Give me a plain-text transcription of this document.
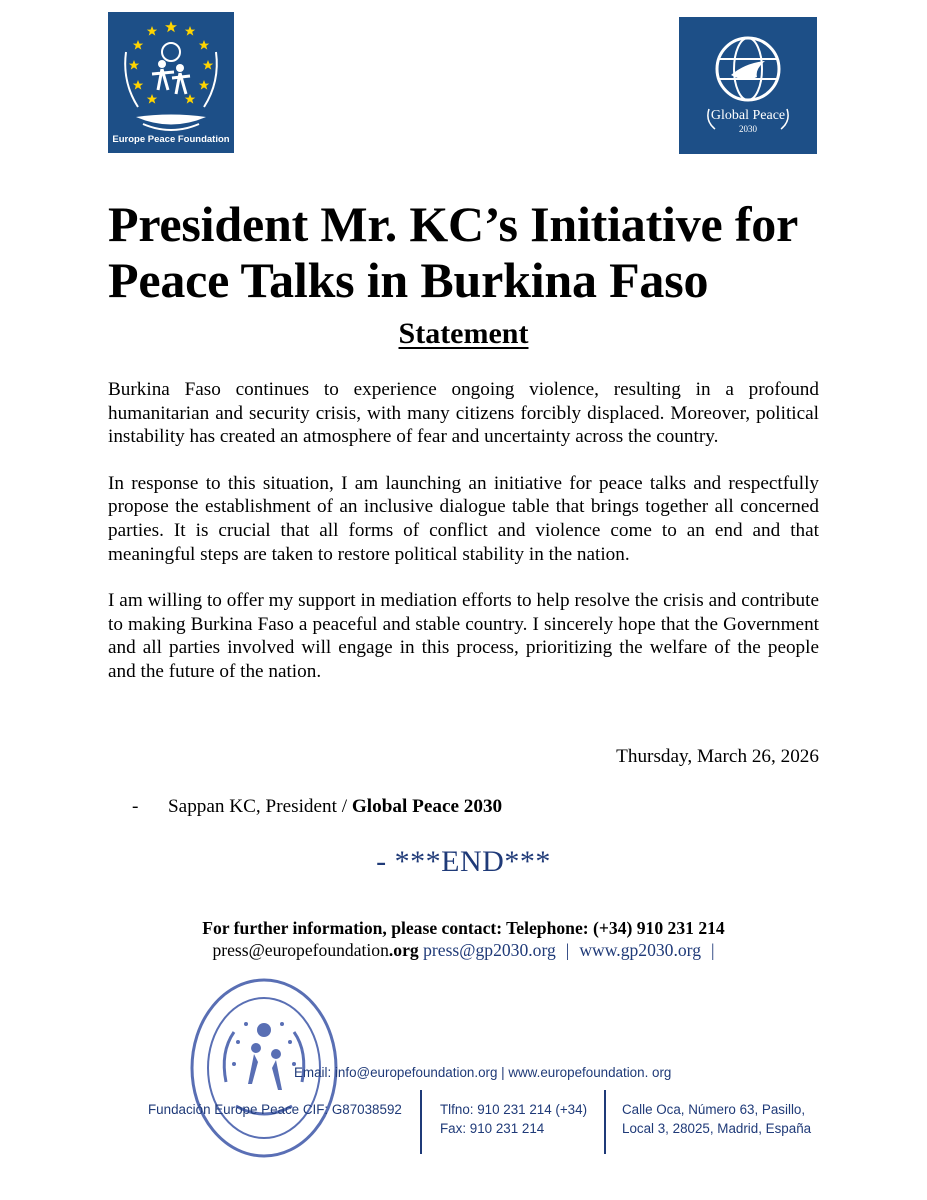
Europe Peace Foundation
Global Peace
2030
President Mr. KC’s Initiative for
Peace Talks in Burkina Faso
Statement

Burkina Faso continues to experience ongoing violence, resulting in a profound humanitarian and security crisis, with many citizens forcibly displaced. Moreover, political instability has created an atmosphere of fear and uncertainty across the country.

In response to this situation, I am launching an initiative for peace talks and respectfully propose the establishment of an inclusive dialogue table that brings together all concerned parties. It is crucial that all forms of conflict and violence come to an end and that meaningful steps are taken to restore political stability in the nation.

I am willing to offer my support in mediation efforts to help resolve the crisis and contribute to making Burkina Faso a peaceful and stable country. I sincerely hope that the Government and all parties involved will engage in this process, prioritizing the welfare of the people and the future of the nation.

Thursday, March 26, 2026
- Sappan KC, President / Global Peace 2030
- ***END***
For further information, please contact: Telephone: (+34) 910 231 214
press@europefoundation.org press@gp2030.org | www.gp2030.org |
Email: info@europefoundation.org | www.europefoundation. org
Fundación Europe Peace CIF: G87038592	Tlfno: 910 231 214 (+34)
Fax: 910 231 214
Calle Oca, Número 63, Pasillo,
Local 3, 28025, Madrid, España
